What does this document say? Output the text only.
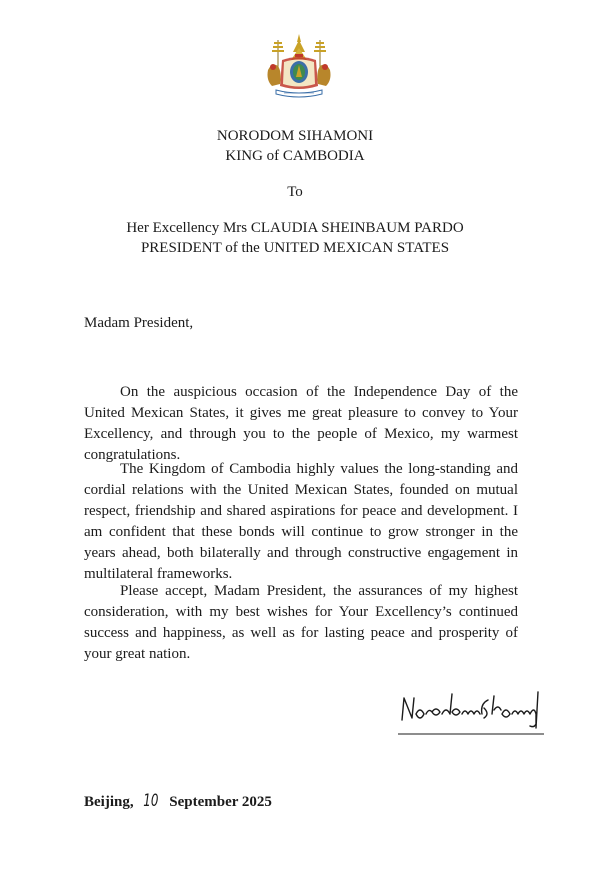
NORODOM SIHAMONI
KING of CAMBODIA
To
Her Excellency Mrs CLAUDIA SHEINBAUM PARDO
PRESIDENT of the UNITED MEXICAN STATES
Madam President,

On the auspicious occasion of the Independence Day of the United Mexican States, it gives me great pleasure to convey to Your Excellency, and through you to the people of Mexico, my warmest congratulations.

The Kingdom of Cambodia highly values the long-standing and cordial relations with the United Mexican States, founded on mutual respect, friendship and shared aspirations for peace and development. I am confident that these bonds will continue to grow stronger in the years ahead, both bilaterally and through constructive engagement in multilateral frameworks.

Please accept, Madam President, the assurances of my highest consideration, with my best wishes for Your Excellency’s continued success and happiness, as well as for lasting peace and prosperity of your great nation.

Beijing, 10 September 2025
